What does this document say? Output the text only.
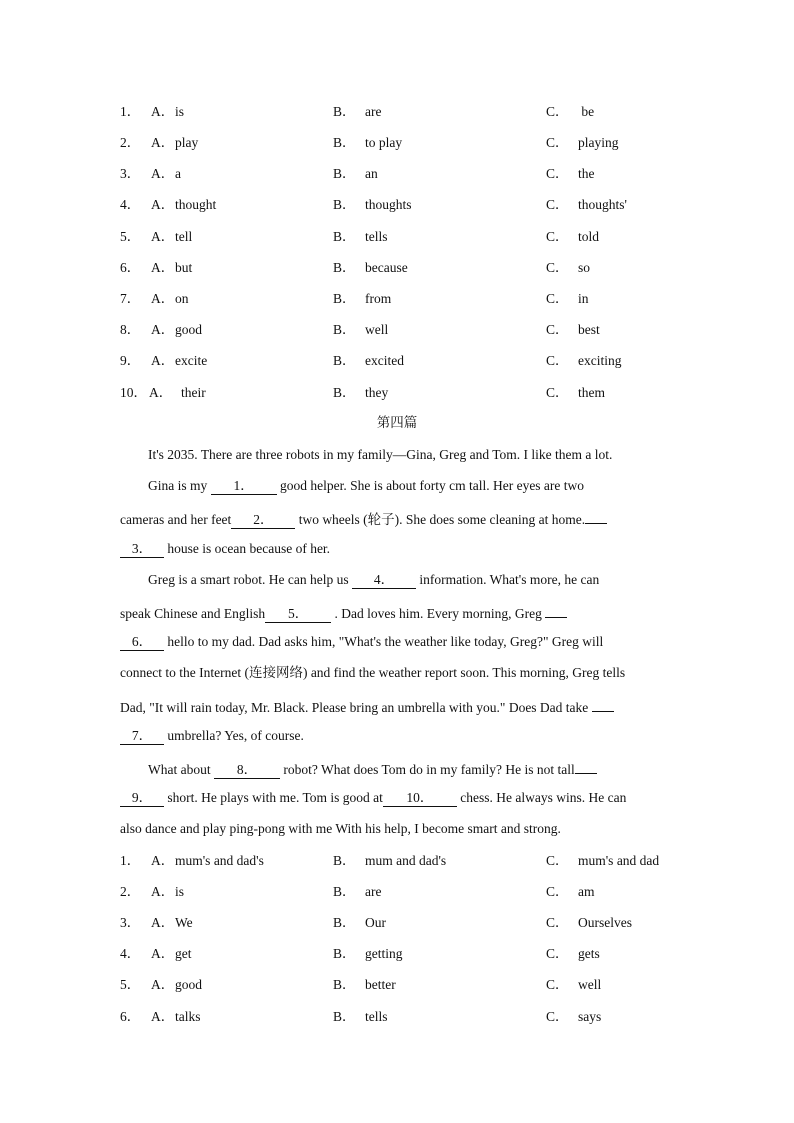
1． A． is	B． are	C． be
2． A． play	B． to play	C． playing
3． A． a	B． an	C． the
4． A． thought	B． thoughts	C． thoughts'
5． A． tell	B． tells	C． told
6． A． but	B． because	C． so
7． A． on	B． from	C． in
8． A． good	B． well	C． best
9． A． excite	B． excited	C． exciting
10． A． their	B． they	C． them
第四篇
It's 2035. There are three robots in my family—Gina, Greg and Tom. I like them a lot.
Gina is my 1． good helper. She is about forty cm tall. Her eyes are two
cameras and her feet 2． two wheels (轮子). She does some cleaning at home.
3． house is ocean because of her.
Greg is a smart robot. He can help us 4． information. What's more, he can
speak Chinese and English 5． . Dad loves him. Every morning, Greg
6． hello to my dad. Dad asks him, "What's the weather like today, Greg?" Greg will
connect to the Internet (连接网络) and find the weather report soon. This morning, Greg tells
Dad, "It will rain today, Mr. Black. Please bring an umbrella with you." Does Dad take
7． umbrella? Yes, of course.
What about 8． robot? What does Tom do in my family? He is not tall
9． short. He plays with me. Tom is good at 10． chess. He always wins. He can
also dance and play ping-pong with me With his help, I become smart and strong.
1． A． mum's and dad's	B． mum and dad's	C． mum's and dad
2． A． is	B． are	C． am
3． A． We	B． Our	C． Ourselves
4． A． get	B． getting	C． gets
5． A． good	B． better	C． well
6． A． talks	B． tells	C． says
